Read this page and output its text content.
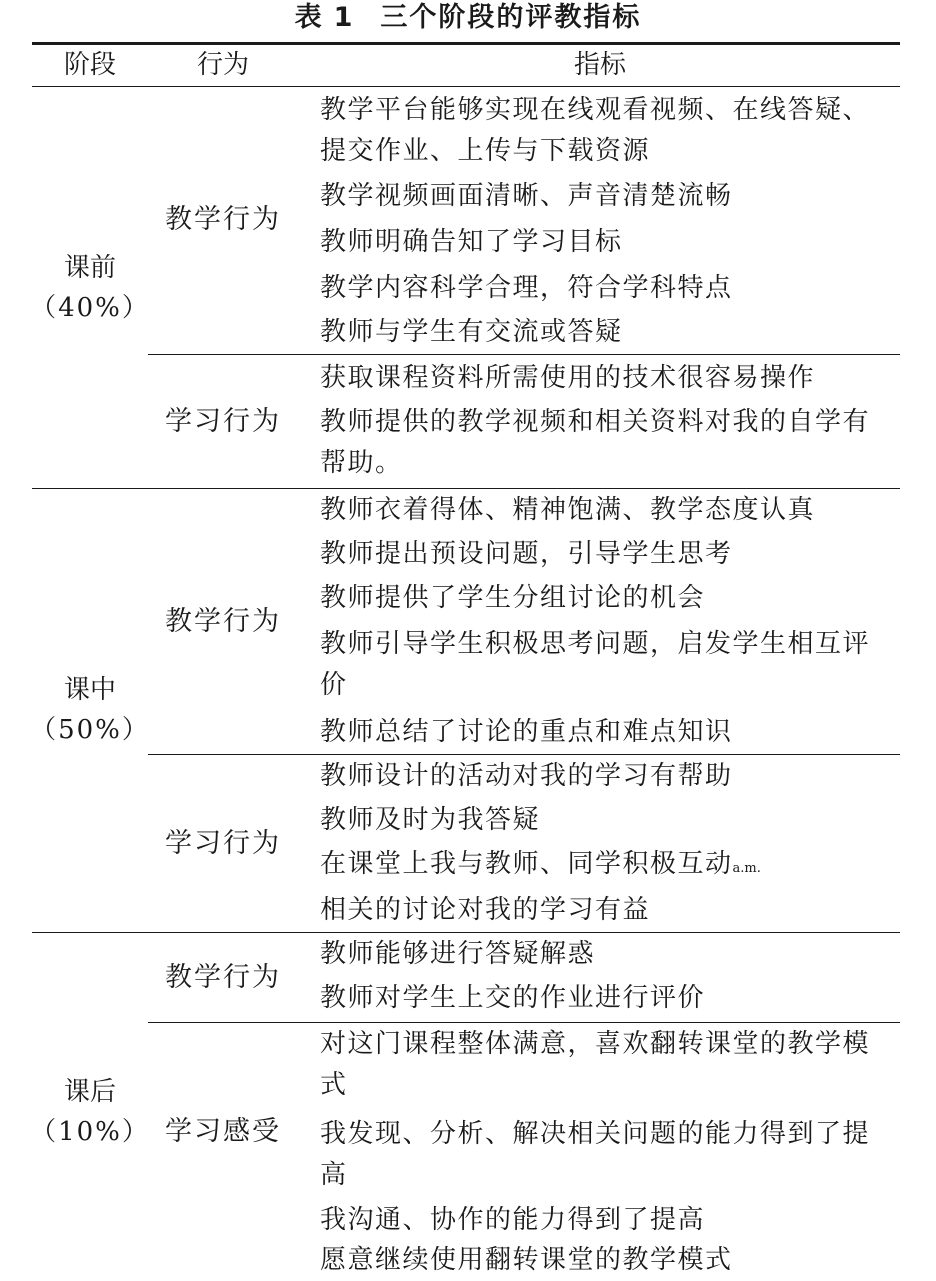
表 1 三个阶段的评教指标
阶段	行为	指标
课前
（40%）
教学行为
教学平台能够实现在线观看视频、在线答疑、提交作业、上传与下载资源
教学视频画面清晰、声音清楚流畅
教师明确告知了学习目标
教学内容科学合理，符合学科特点
教师与学生有交流或答疑
学习行为
获取课程资料所需使用的技术很容易操作
教师提供的教学视频和相关资料对我的自学有帮助。
课中
（50%）
教学行为
教师衣着得体、精神饱满、教学态度认真
教师提出预设问题，引导学生思考
教师提供了学生分组讨论的机会
教师引导学生积极思考问题，启发学生相互评价
教师总结了讨论的重点和难点知识
学习行为
教师设计的活动对我的学习有帮助
教师及时为我答疑
在课堂上我与教师、同学积极互动a.m.
相关的讨论对我的学习有益
课后
（10%）
教学行为
教师能够进行答疑解惑
教师对学生上交的作业进行评价
学习感受
对这门课程整体满意，喜欢翻转课堂的教学模式
我发现、分析、解决相关问题的能力得到了提高
我沟通、协作的能力得到了提高
愿意继续使用翻转课堂的教学模式
